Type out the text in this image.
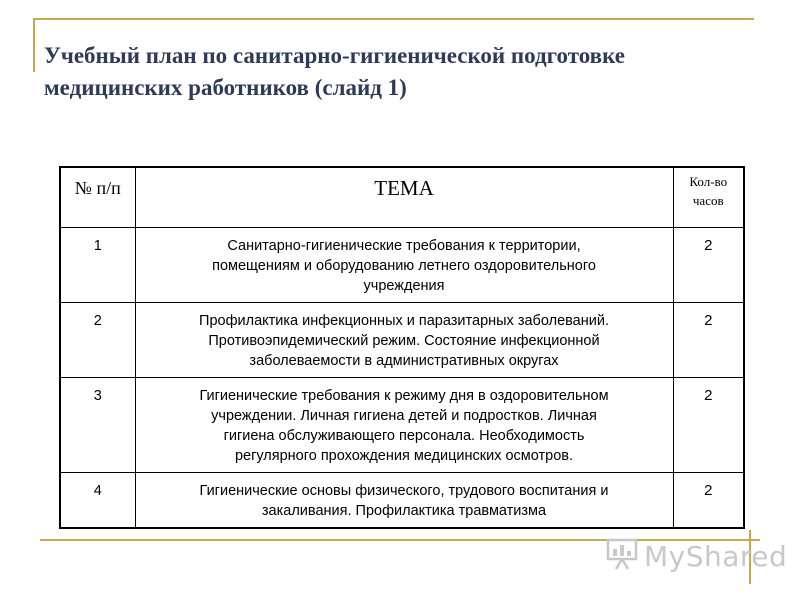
Учебный план по санитарно-гигиенической подготовке
медицинских работников (слайд 1)
№ п/п	ТЕМА	Кол-во
часов

1	Санитарно-гигиенические требования к территории,
помещениям и оборудованию летнего оздоровительного
учреждения	2
2	Профилактика инфекционных и паразитарных заболеваний.
Противоэпидемический режим. Состояние инфекционной
заболеваемости в административных округах	2
3	Гигиенические требования к режиму дня в оздоровительном
учреждении. Личная гигиена детей и подростков. Личная
гигиена обслуживающего персонала. Необходимость
регулярного прохождения медицинских осмотров.	2
4	Гигиенические основы физического, трудового воспитания и
закаливания. Профилактика травматизма	2
MyShared
